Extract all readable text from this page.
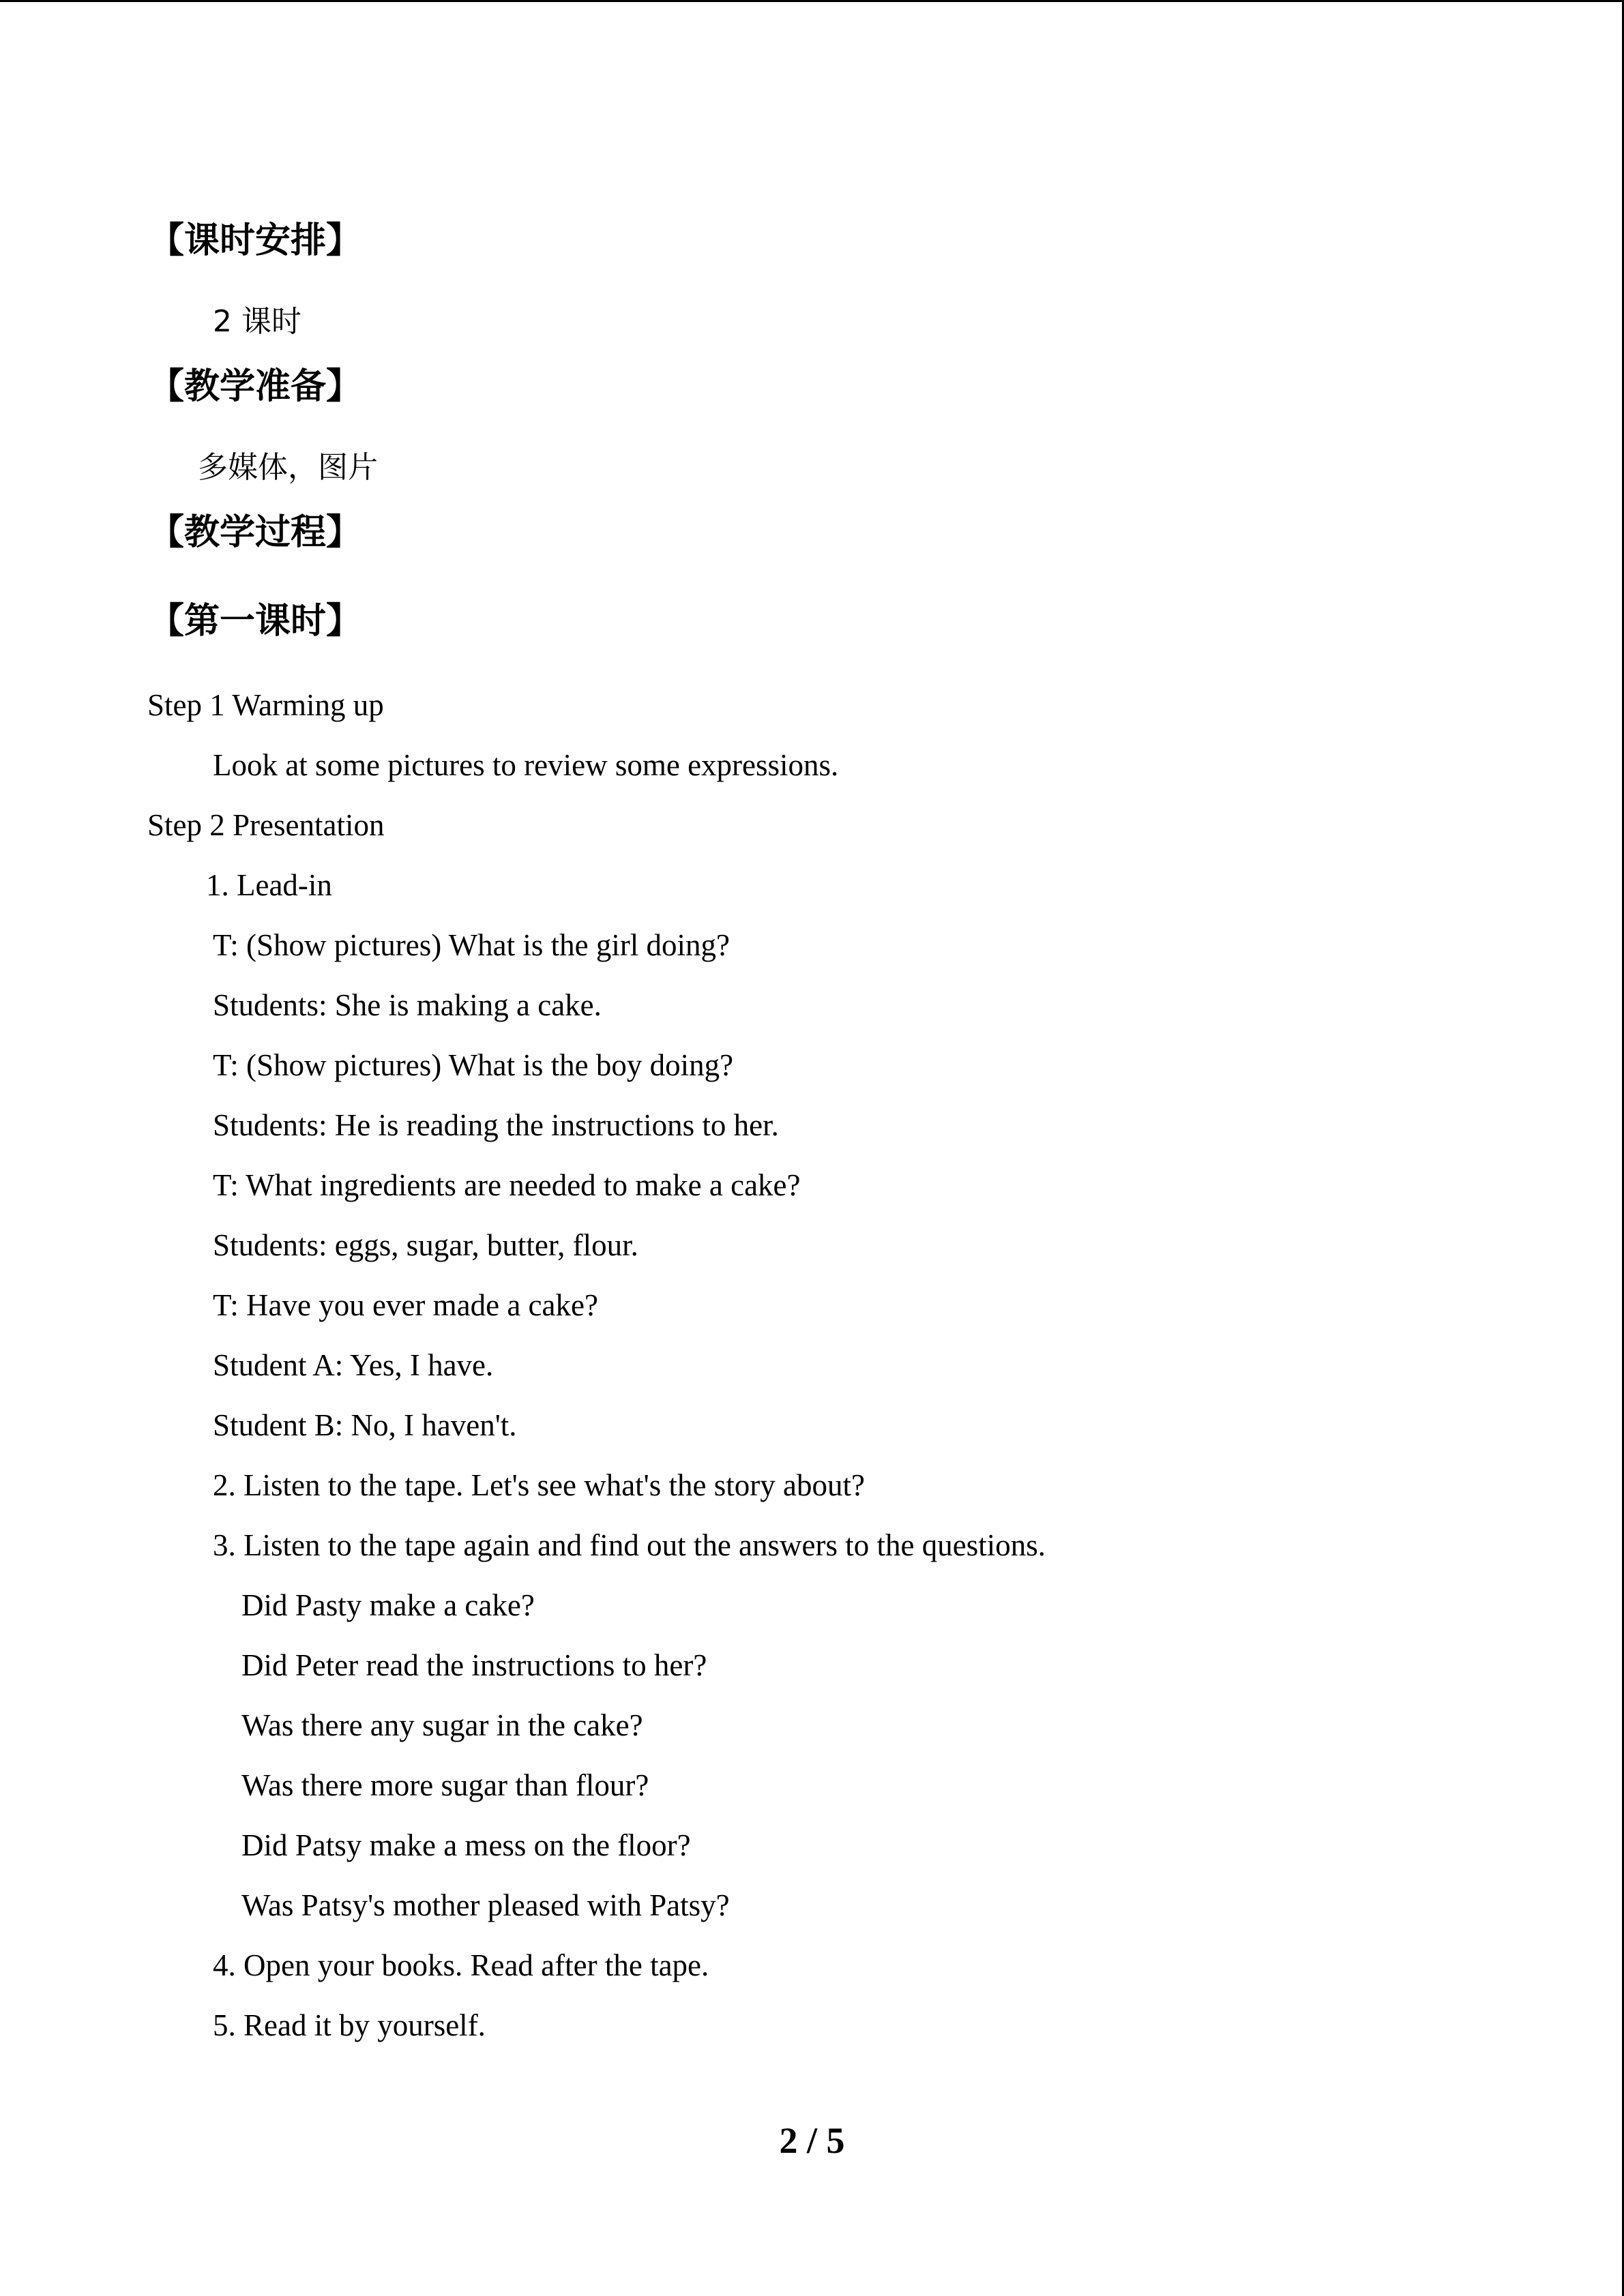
【课时安排】
2 课时
【教学准备】
多媒体，图片
【教学过程】
【第一课时】
Step 1 Warming up
Look at some pictures to review some expressions.
Step 2 Presentation
1. Lead-in
T: (Show pictures) What is the girl doing?
Students: She is making a cake.
T: (Show pictures) What is the boy doing?
Students: He is reading the instructions to her.
T: What ingredients are needed to make a cake?
Students: eggs, sugar, butter, flour.
T: Have you ever made a cake?
Student A: Yes, I have.
Student B: No, I haven't.
2. Listen to the tape. Let's see what's the story about?
3. Listen to the tape again and find out the answers to the questions.
Did Pasty make a cake?
Did Peter read the instructions to her?
Was there any sugar in the cake?
Was there more sugar than flour?
Did Patsy make a mess on the floor?
Was Patsy's mother pleased with Patsy?
4. Open your books. Read after the tape.
5. Read it by yourself.
2 / 5
